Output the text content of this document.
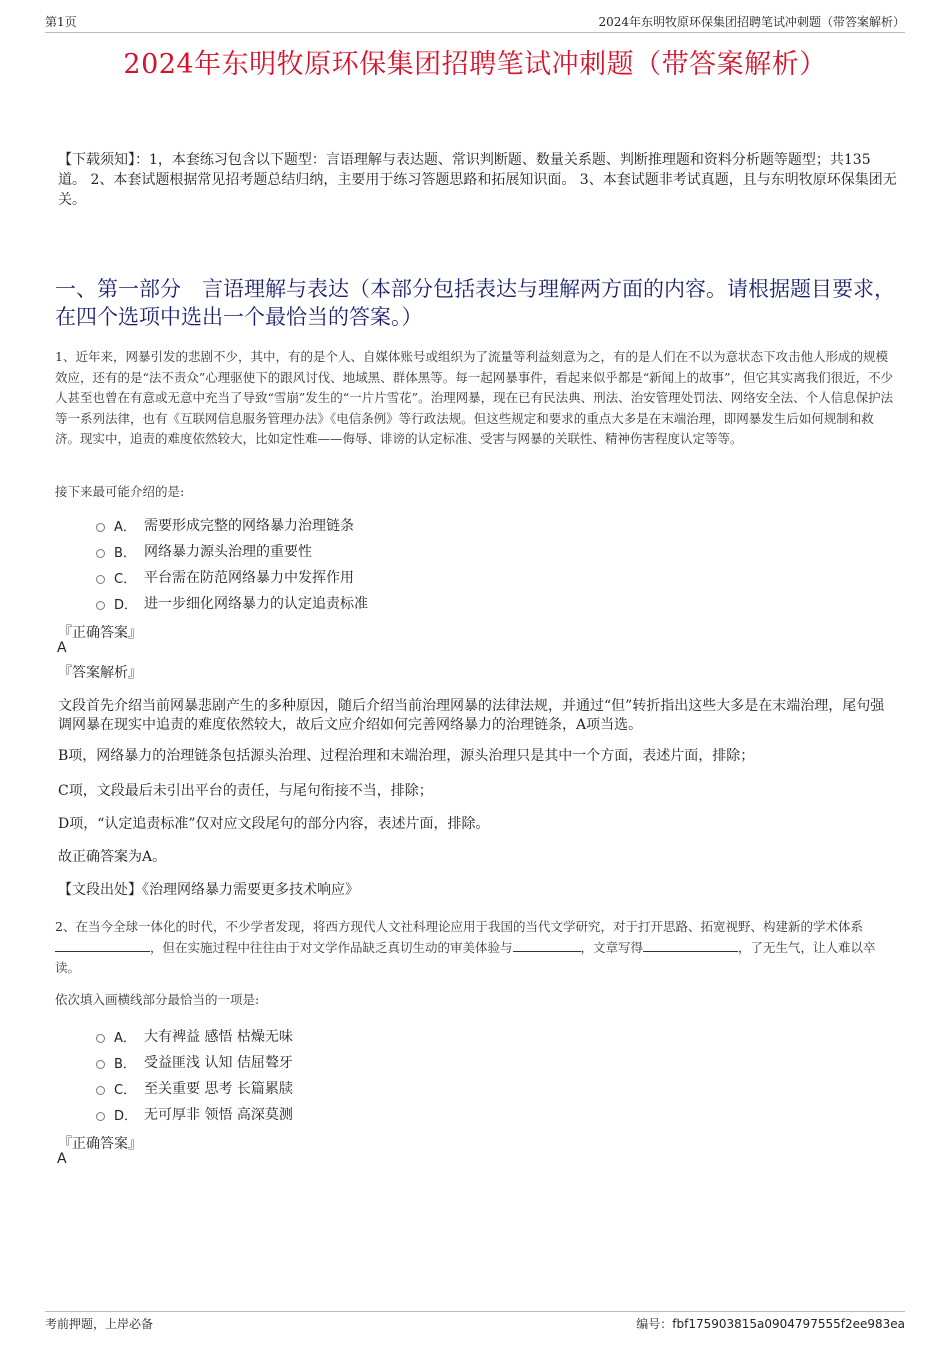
第1页	2024年东明牧原环保集团招聘笔试冲刺题（带答案解析）
2024年东明牧原环保集团招聘笔试冲刺题（带答案解析）
【下载须知】：1，本套练习包含以下题型：言语理解与表达题、常识判断题、数量关系题、判断推理题和资料分析题等题型；共135道。 2、本套试题根据常见招考题总结归纳，主要用于练习答题思路和拓展知识面。 3、本套试题非考试真题，且与东明牧原环保集团无关。
一、第一部分　言语理解与表达（本部分包括表达与理解两方面的内容。请根据题目要求，在四个选项中选出一个最恰当的答案。）
1、近年来，网暴引发的悲剧不少，其中，有的是个人、自媒体账号或组织为了流量等利益刻意为之，有的是人们在不以为意状态下攻击他人形成的规模效应，还有的是“法不责众”心理驱使下的跟风讨伐、地域黑、群体黑等。每一起网暴事件，看起来似乎都是“新闻上的故事”，但它其实离我们很近，不少人甚至也曾在有意或无意中充当了导致“雪崩”发生的“一片片雪花”。治理网暴，现在已有民法典、刑法、治安管理处罚法、网络安全法、个人信息保护法等一系列法律，也有《互联网信息服务管理办法》《电信条例》等行政法规。但这些规定和要求的重点大多是在末端治理，即网暴发生后如何规制和救济。现实中，追责的难度依然较大，比如定性难——侮辱、诽谤的认定标准、受害与网暴的关联性、精神伤害程度认定等等。
接下来最可能介绍的是:
A． 需要形成完整的网络暴力治理链条
B． 网络暴力源头治理的重要性
C． 平台需在防范网络暴力中发挥作用
D． 进一步细化网络暴力的认定追责标准
『正确答案』
A
『答案解析』
文段首先介绍当前网暴悲剧产生的多种原因，随后介绍当前治理网暴的法律法规，并通过“但”转折指出这些大多是在末端治理，尾句强调网暴在现实中追责的难度依然较大，故后文应介绍如何完善网络暴力的治理链条，A项当选。
B项，网络暴力的治理链条包括源头治理、过程治理和末端治理，源头治理只是其中一个方面，表述片面，排除；
C项，文段最后未引出平台的责任，与尾句衔接不当，排除；
D项，“认定追责标准”仅对应文段尾句的部分内容，表述片面，排除。
故正确答案为A。
【文段出处】《治理网络暴力需要更多技术响应》
2、在当今全球一体化的时代，不少学者发现，将西方现代人文社科理论应用于我国的当代文学研究，对于打开思路、拓宽视野、构建新的学术体系，但在实施过程中往往由于对文学作品缺乏真切生动的审美体验与	，文章写得	，了无生气，让人难以卒读。
依次填入画横线部分最恰当的一项是:
A． 大有裨益 感悟 枯燥无味
B． 受益匪浅 认知 佶屈聱牙
C． 至关重要 思考 长篇累牍
D． 无可厚非 领悟 高深莫测
『正确答案』
A
考前押题，上岸必备	编号：fbf175903815a0904797555f2ee983ea
